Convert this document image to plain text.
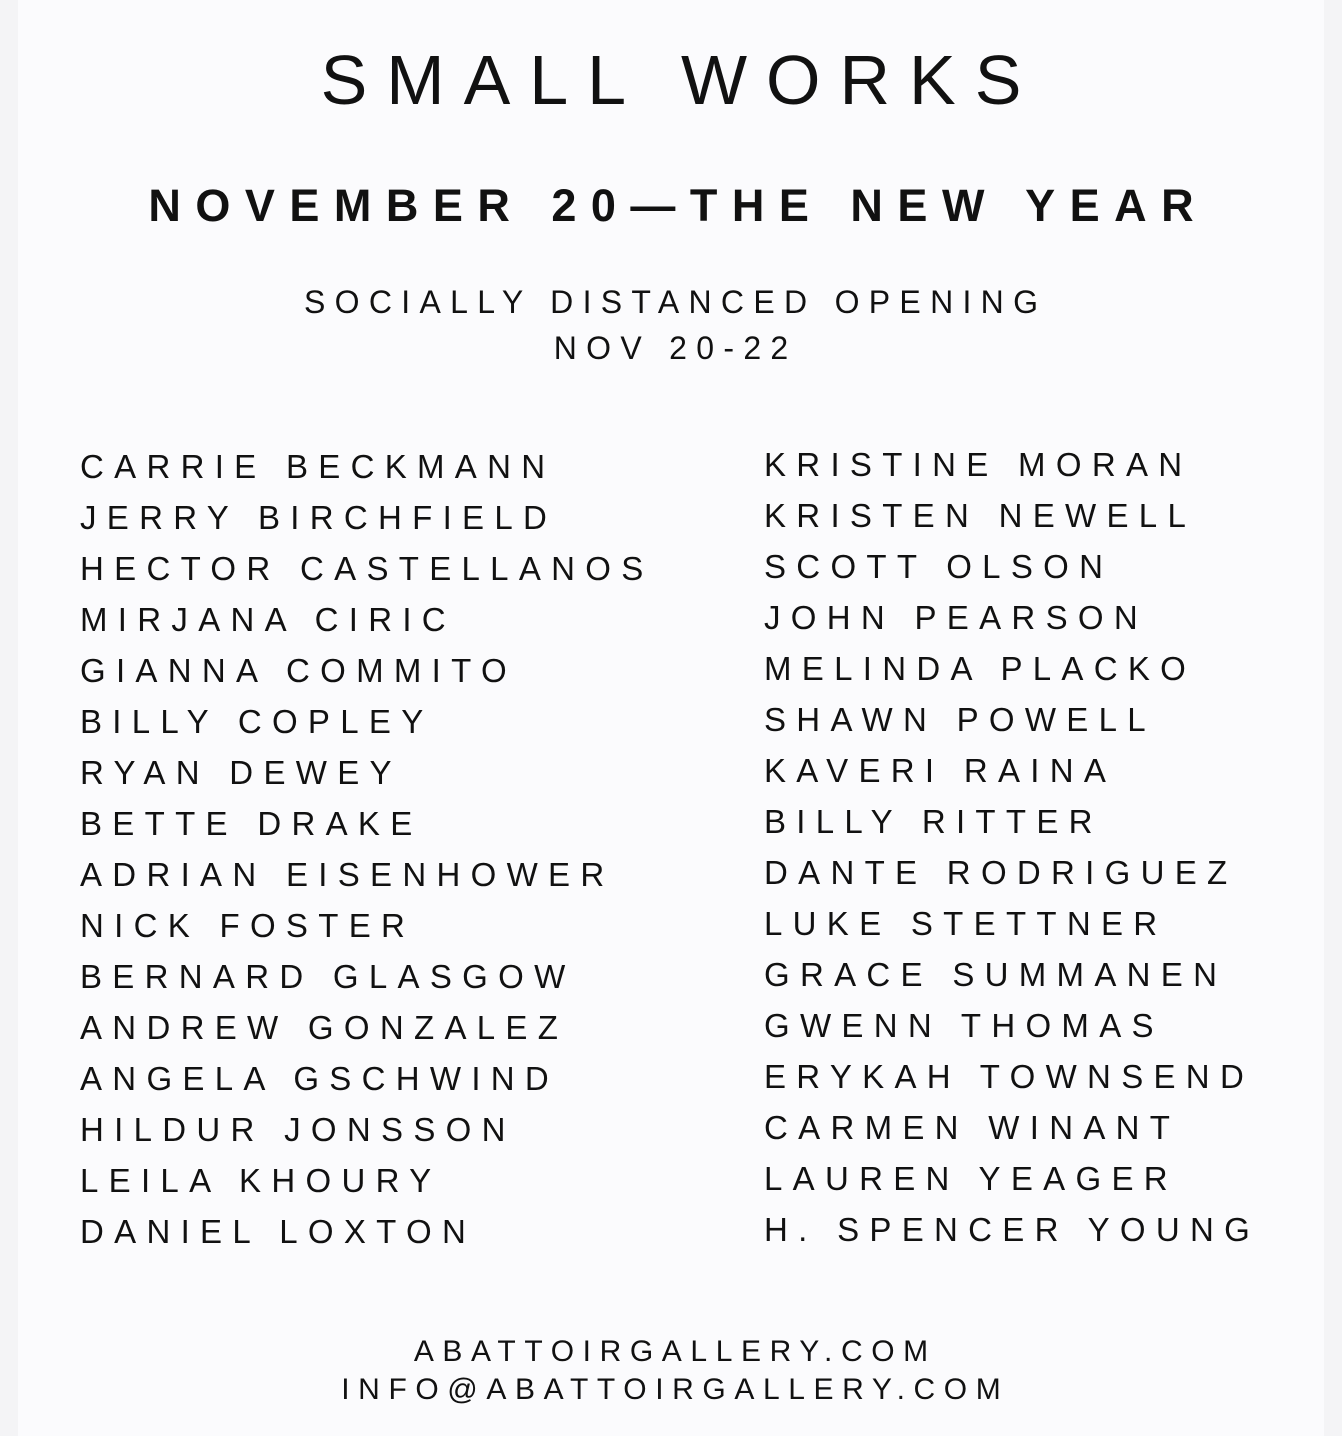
SMALL WORKS
NOVEMBER 20—THE NEW YEAR
SOCIALLY DISTANCED OPENING
NOV 20-22
CARRIE BECKMANN
JERRY BIRCHFIELD
HECTOR CASTELLANOS
MIRJANA CIRIC
GIANNA COMMITO
BILLY COPLEY
RYAN DEWEY
BETTE DRAKE
ADRIAN EISENHOWER
NICK FOSTER
BERNARD GLASGOW
ANDREW GONZALEZ
ANGELA GSCHWIND
HILDUR JONSSON
LEILA KHOURY
DANIEL LOXTON
KRISTINE MORAN
KRISTEN NEWELL
SCOTT OLSON
JOHN PEARSON
MELINDA PLACKO
SHAWN POWELL
KAVERI RAINA
BILLY RITTER
DANTE RODRIGUEZ
LUKE STETTNER
GRACE SUMMANEN
GWENN THOMAS
ERYKAH TOWNSEND
CARMEN WINANT
LAUREN YEAGER
H. SPENCER YOUNG
ABATTOIRGALLERY.COM
INFO@ABATTOIRGALLERY.COM
